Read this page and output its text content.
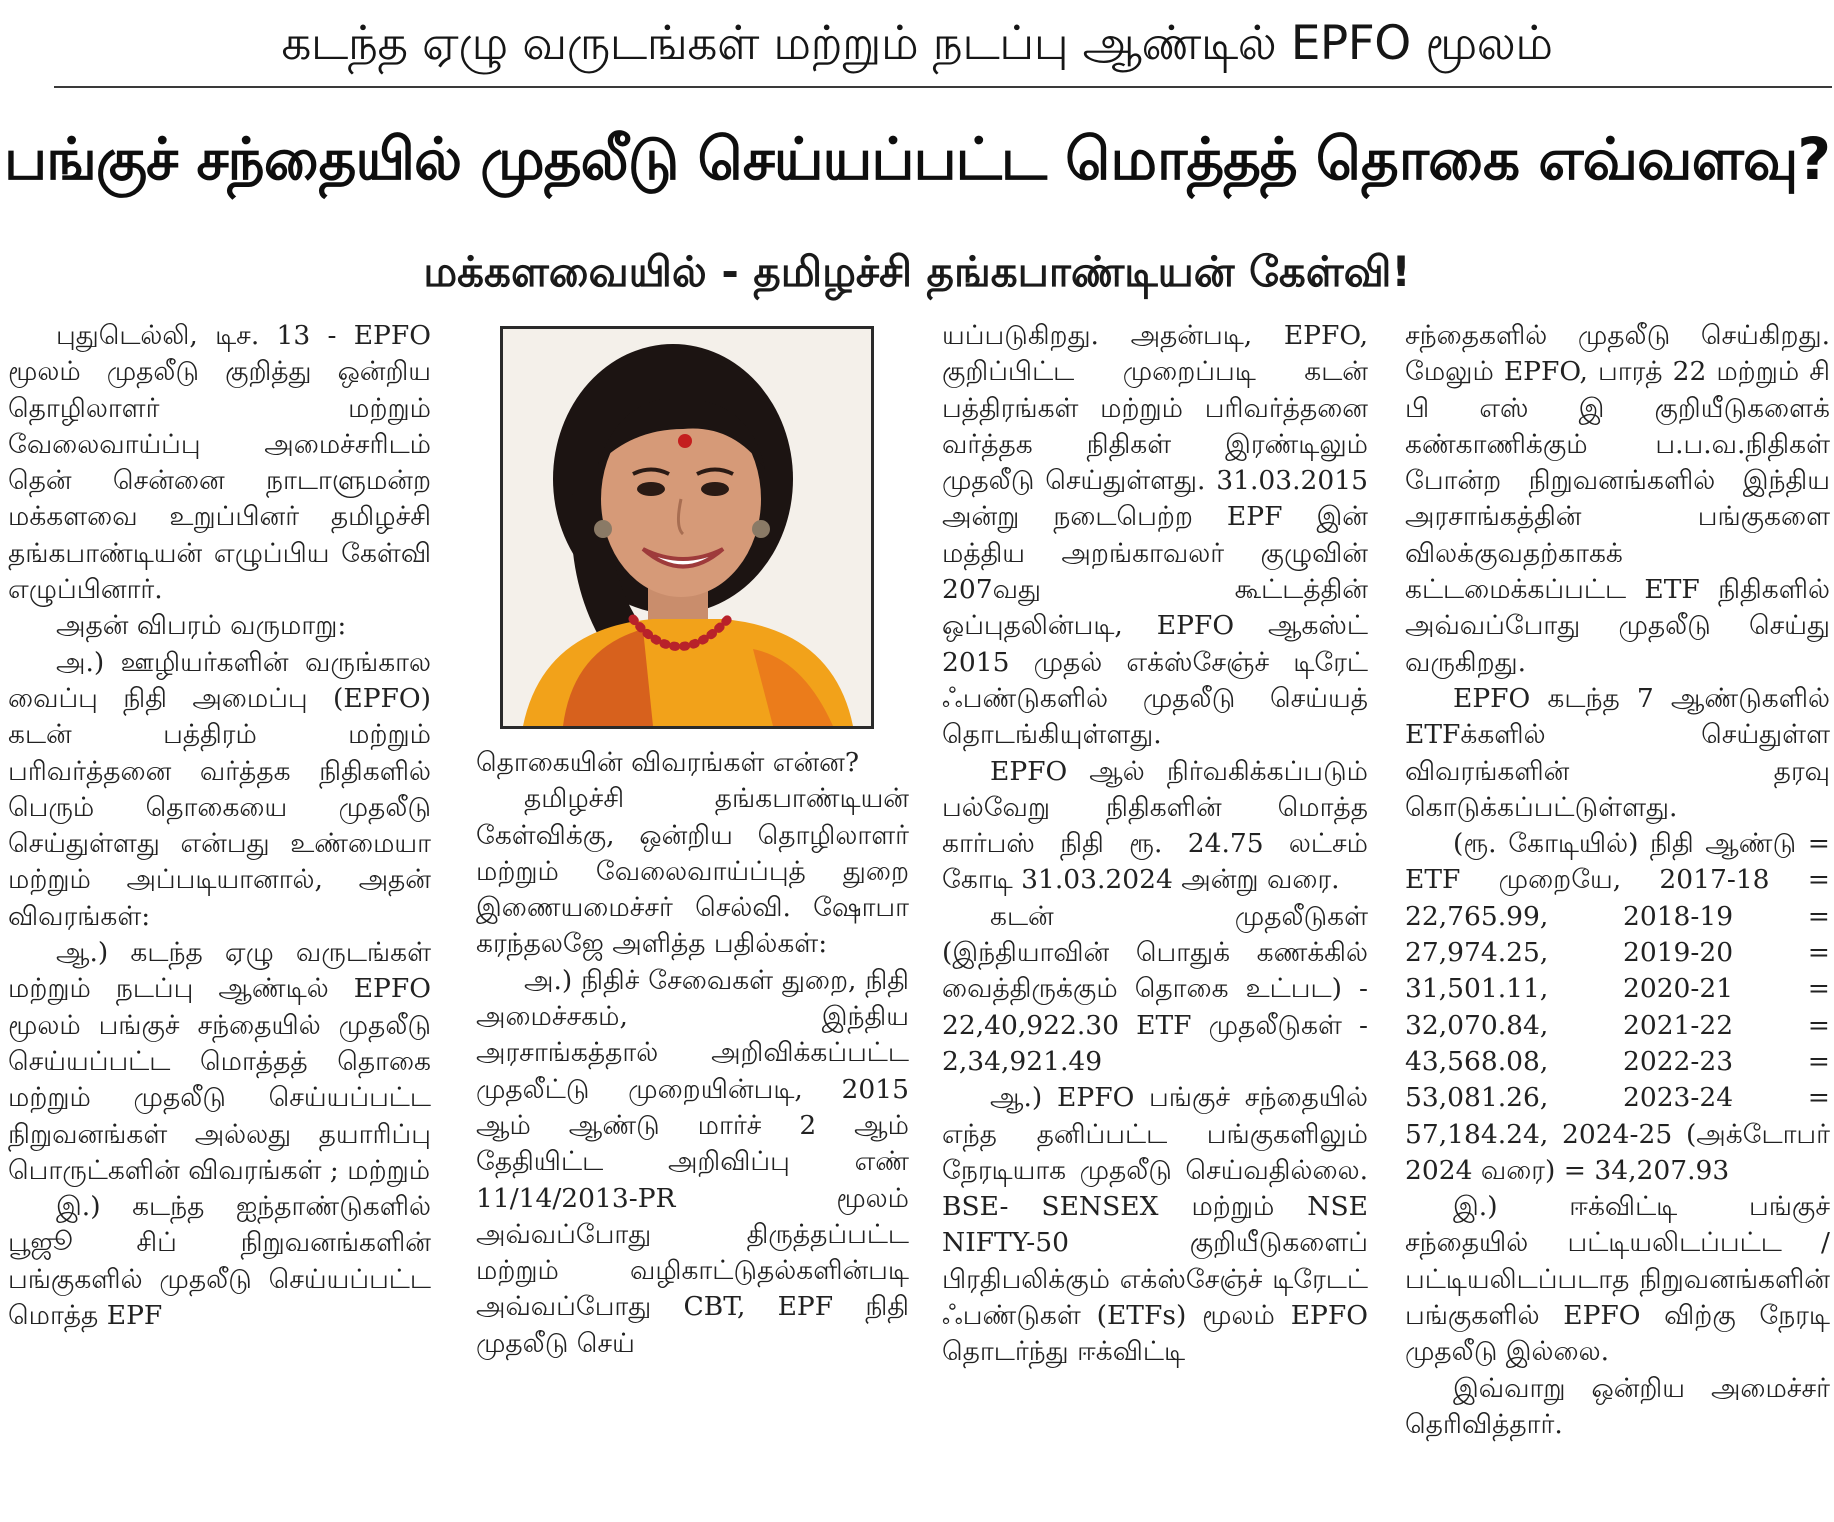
கடந்த ஏழு வருடங்கள் மற்றும் நடப்பு ஆண்டில் EPFO மூலம்
பங்குச் சந்தையில் முதலீடு செய்யப்பட்ட மொத்தத் தொகை எவ்வளவு?
மக்களவையில் - தமிழச்சி தங்கபாண்டியன் கேள்வி!

புதுடெல்லி, டிச. 13 - EPFO மூலம் முதலீடு குறித்து ஒன்றிய தொழிலாளர் மற்றும் வேலைவாய்ப்பு அமைச்சரிடம் தென் சென்னை நாடாளுமன்ற மக்களவை உறுப்பினர் தமிழச்சி தங்கபாண்டியன் எழுப்பிய கேள்வி எழுப்பினார்.

அதன் விபரம் வருமாறு:

அ.) ஊழியர்களின் வருங்கால வைப்பு நிதி அமைப்பு (EPFO) கடன் பத்திரம் மற்றும் பரிவர்த்தனை வர்த்தக நிதிகளில் பெரும் தொகையை முதலீடு செய்துள்ளது என்பது உண்மையா மற்றும் அப்படியானால், அதன் விவரங்கள்:

ஆ.) கடந்த ஏழு வருடங்கள் மற்றும் நடப்பு ஆண்டில் EPFO மூலம் பங்குச் சந்தையில் முதலீடு செய்யப்பட்ட மொத்தத் தொகை மற்றும் முதலீடு செய்யப்பட்ட நிறுவனங்கள் அல்லது தயாரிப்பு பொருட்களின் விவரங்கள் ; மற்றும்

இ.) கடந்த ஐந்தாண்டுகளில் பூஜூ சிப் நிறுவனங்களின் பங்குகளில் முதலீடு செய்யப்பட்ட மொத்த EPF

தொகையின் விவரங்கள் என்ன?

தமிழச்சி தங்கபாண்டியன் கேள்விக்கு, ஒன்றிய தொழிலாளர் மற்றும் வேலைவாய்ப்புத் துறை இணையமைச்சர் செல்வி. ஷோபா கரந்தலஜே அளித்த பதில்கள்:

அ.) நிதிச் சேவைகள் துறை, நிதி அமைச்சகம், இந்திய அரசாங்கத்தால் அறிவிக்கப்பட்ட முதலீட்டு முறையின்படி, 2015 ஆம் ஆண்டு மார்ச் 2 ஆம் தேதியிட்ட அறிவிப்பு எண் 11/14/2013-PR மூலம் அவ்வப்போது திருத்தப்பட்ட மற்றும் வழிகாட்டுதல்களின்படி அவ்வப்போது CBT, EPF நிதி முதலீடு செய்

யப்படுகிறது. அதன்படி, EPFO, குறிப்பிட்ட முறைப்படி கடன் பத்திரங்கள் மற்றும் பரிவர்த்தனை வர்த்தக நிதிகள் இரண்டிலும் முதலீடு செய்துள்ளது. 31.03.2015 அன்று நடைபெற்ற EPF இன் மத்திய அறங்காவலர் குழுவின் 207வது கூட்டத்தின் ஒப்புதலின்படி, EPFO ஆகஸ்ட் 2015 முதல் எக்ஸ்சேஞ்ச் டிரேட் ஃபண்டுகளில் முதலீடு செய்யத் தொடங்கியுள்ளது.

EPFO ஆல் நிர்வகிக்கப்படும் பல்வேறு நிதிகளின் மொத்த கார்பஸ் நிதி ரூ. 24.75 லட்சம் கோடி 31.03.2024 அன்று வரை.

கடன் முதலீடுகள் (இந்தியாவின் பொதுக் கணக்கில் வைத்திருக்கும் தொகை உட்பட) - 22,40,922.30 ETF முதலீடுகள் - 2,34,921.49

ஆ.) EPFO பங்குச் சந்தையில் எந்த தனிப்பட்ட பங்குகளிலும் நேரடியாக முதலீடு செய்வதில்லை. BSE- SENSEX மற்றும் NSE NIFTY-50 குறியீடுகளைப் பிரதிபலிக்கும் எக்ஸ்சேஞ்ச் டிரேடட் ஃபண்டுகள் (ETFs) மூலம் EPFO தொடர்ந்து ஈக்விட்டி

சந்தைகளில் முதலீடு செய்கிறது. மேலும் EPFO, பாரத் 22 மற்றும் சி பி எஸ் இ குறியீடுகளைக் கண்காணிக்கும் ப.ப.வ.நிதிகள் போன்ற நிறுவனங்களில் இந்திய அரசாங்கத்தின் பங்குகளை விலக்குவதற்காகக் கட்டமைக்கப்பட்ட ETF நிதிகளில் அவ்வப்போது முதலீடு செய்து வருகிறது.

EPFO கடந்த 7 ஆண்டுகளில் ETFக்களில் செய்துள்ள விவரங்களின் தரவு கொடுக்கப்பட்டுள்ளது.

(ரூ. கோடியில்) நிதி ஆண்டு = ETF முறையே, 2017-18 = 22,765.99, 2018-19 = 27,974.25, 2019-20 = 31,501.11, 2020-21 = 32,070.84, 2021-22 = 43,568.08, 2022-23 = 53,081.26, 2023-24 = 57,184.24, 2024-25 (அக்டோபர் 2024 வரை) = 34,207.93

இ.) ஈக்விட்டி பங்குச் சந்தையில் பட்டியலிடப்பட்ட / பட்டியலிடப்படாத நிறுவனங்களின் பங்குகளில் EPFO விற்கு நேரடி முதலீடு இல்லை.

இவ்வாறு ஒன்றிய அமைச்சர் தெரிவித்தார்.
